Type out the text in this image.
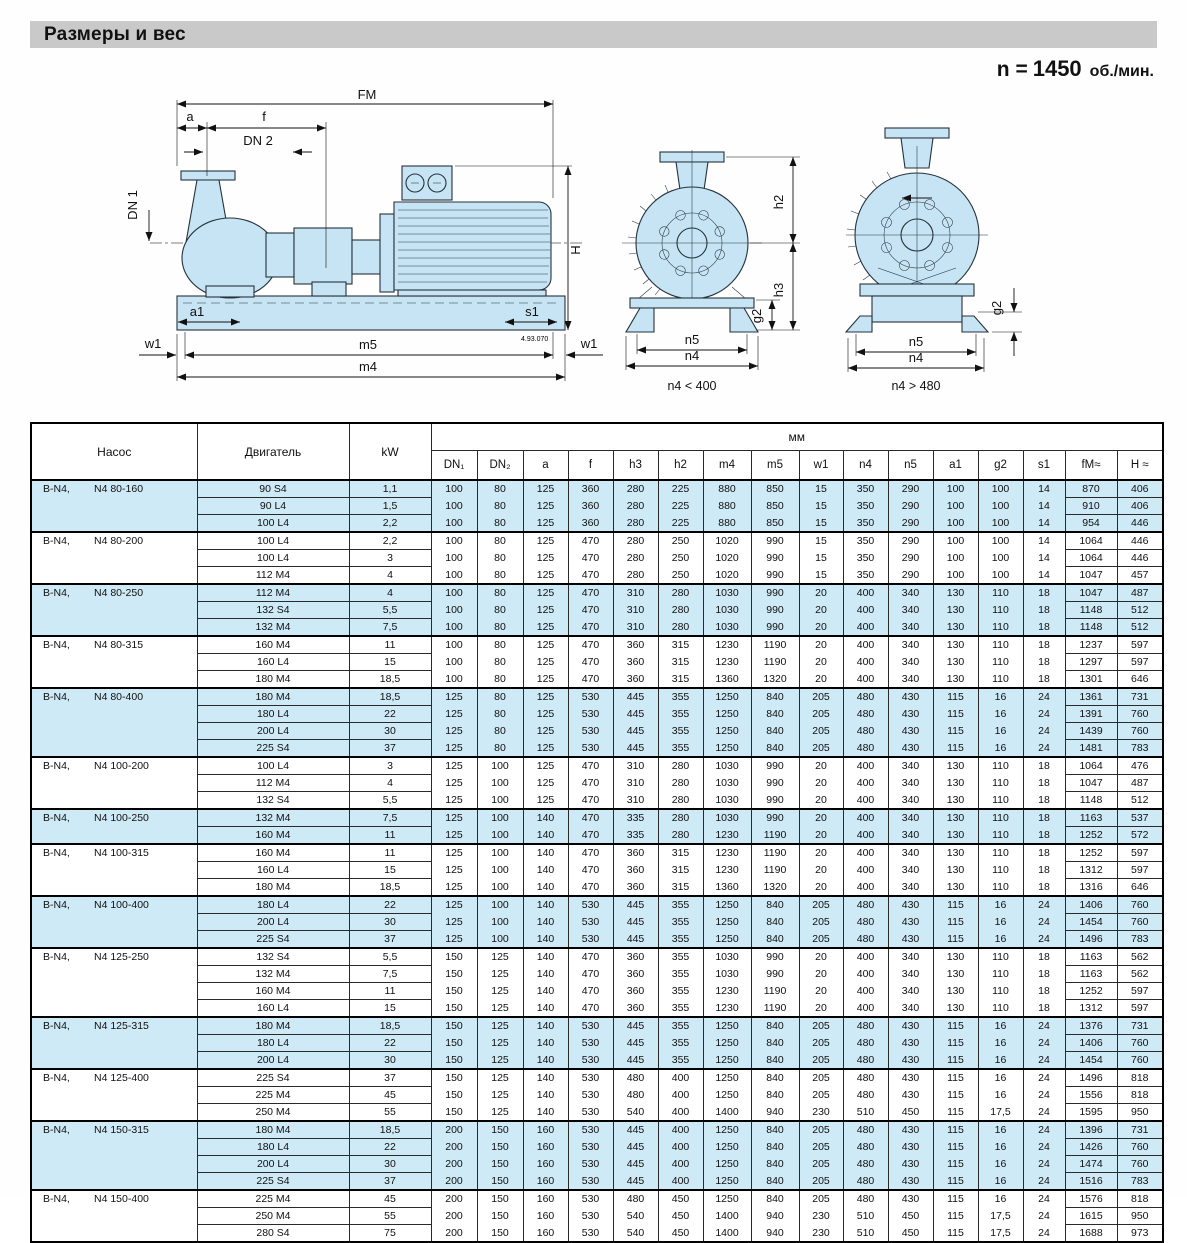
Размеры и вес
n = 1450 об./мин.
FM
a	f
DN 2
DN 1
H
a1	s1
w1	w1
m5
m4
4.93.070
h2
h3
g2
n5
n4
n4 < 400
g2
n5
n4
n4 > 480
Насос	Двигатель	kW	мм															
			DN₁	DN₂	a	f	h3	h2	m4	m5	w1	n4	n5	a1	g2	s1	fM≈	H ≈
B-N4, N4 80-160	90 S4	1,1	100	80	125	360	280	225	880	850	15	350	290	100	100	14	870	406
	90 L4	1,5	100	80	125	360	280	225	880	850	15	350	290	100	100	14	910	406
	100 L4	2,2	100	80	125	360	280	225	880	850	15	350	290	100	100	14	954	446
B-N4, N4 80-200	100 L4	2,2	100	80	125	470	280	250	1020	990	15	350	290	100	100	14	1064	446
	100 L4	3	100	80	125	470	280	250	1020	990	15	350	290	100	100	14	1064	446
	112 M4	4	100	80	125	470	280	250	1020	990	15	350	290	100	100	14	1047	457
B-N4, N4 80-250	112 M4	4	100	80	125	470	310	280	1030	990	20	400	340	130	110	18	1047	487
	132 S4	5,5	100	80	125	470	310	280	1030	990	20	400	340	130	110	18	1148	512
	132 M4	7,5	100	80	125	470	310	280	1030	990	20	400	340	130	110	18	1148	512
B-N4, N4 80-315	160 M4	11	100	80	125	470	360	315	1230	1190	20	400	340	130	110	18	1237	597
	160 L4	15	100	80	125	470	360	315	1230	1190	20	400	340	130	110	18	1297	597
	180 M4	18,5	100	80	125	470	360	315	1360	1320	20	400	340	130	110	18	1301	646
B-N4, N4 80-400	180 M4	18,5	125	80	125	530	445	355	1250	840	205	480	430	115	16	24	1361	731
	180 L4	22	125	80	125	530	445	355	1250	840	205	480	430	115	16	24	1391	760
	200 L4	30	125	80	125	530	445	355	1250	840	205	480	430	115	16	24	1439	760
	225 S4	37	125	80	125	530	445	355	1250	840	205	480	430	115	16	24	1481	783
B-N4, N4 100-200	100 L4	3	125	100	125	470	310	280	1030	990	20	400	340	130	110	18	1064	476
	112 M4	4	125	100	125	470	310	280	1030	990	20	400	340	130	110	18	1047	487
	132 S4	5,5	125	100	125	470	310	280	1030	990	20	400	340	130	110	18	1148	512
B-N4, N4 100-250	132 M4	7,5	125	100	140	470	335	280	1030	990	20	400	340	130	110	18	1163	537
	160 M4	11	125	100	140	470	335	280	1230	1190	20	400	340	130	110	18	1252	572
B-N4, N4 100-315	160 M4	11	125	100	140	470	360	315	1230	1190	20	400	340	130	110	18	1252	597
	160 L4	15	125	100	140	470	360	315	1230	1190	20	400	340	130	110	18	1312	597
	180 M4	18,5	125	100	140	470	360	315	1360	1320	20	400	340	130	110	18	1316	646
B-N4, N4 100-400	180 L4	22	125	100	140	530	445	355	1250	840	205	480	430	115	16	24	1406	760
	200 L4	30	125	100	140	530	445	355	1250	840	205	480	430	115	16	24	1454	760
	225 S4	37	125	100	140	530	445	355	1250	840	205	480	430	115	16	24	1496	783
B-N4, N4 125-250	132 S4	5,5	150	125	140	470	360	355	1030	990	20	400	340	130	110	18	1163	562
	132 M4	7,5	150	125	140	470	360	355	1030	990	20	400	340	130	110	18	1163	562
	160 M4	11	150	125	140	470	360	355	1230	1190	20	400	340	130	110	18	1252	597
	160 L4	15	150	125	140	470	360	355	1230	1190	20	400	340	130	110	18	1312	597
B-N4, N4 125-315	180 M4	18,5	150	125	140	530	445	355	1250	840	205	480	430	115	16	24	1376	731
	180 L4	22	150	125	140	530	445	355	1250	840	205	480	430	115	16	24	1406	760
	200 L4	30	150	125	140	530	445	355	1250	840	205	480	430	115	16	24	1454	760
B-N4, N4 125-400	225 S4	37	150	125	140	530	480	400	1250	840	205	480	430	115	16	24	1496	818
	225 M4	45	150	125	140	530	480	400	1250	840	205	480	430	115	16	24	1556	818
	250 M4	55	150	125	140	530	540	400	1400	940	230	510	450	115	17,5	24	1595	950
B-N4, N4 150-315	180 M4	18,5	200	150	160	530	445	400	1250	840	205	480	430	115	16	24	1396	731
	180 L4	22	200	150	160	530	445	400	1250	840	205	480	430	115	16	24	1426	760
	200 L4	30	200	150	160	530	445	400	1250	840	205	480	430	115	16	24	1474	760
	225 S4	37	200	150	160	530	445	400	1250	840	205	480	430	115	16	24	1516	783
B-N4, N4 150-400	225 M4	45	200	150	160	530	480	450	1250	840	205	480	430	115	16	24	1576	818
	250 M4	55	200	150	160	530	540	450	1400	940	230	510	450	115	17,5	24	1615	950
	280 S4	75	200	150	160	530	540	450	1400	940	230	510	450	115	17,5	24	1688	973
